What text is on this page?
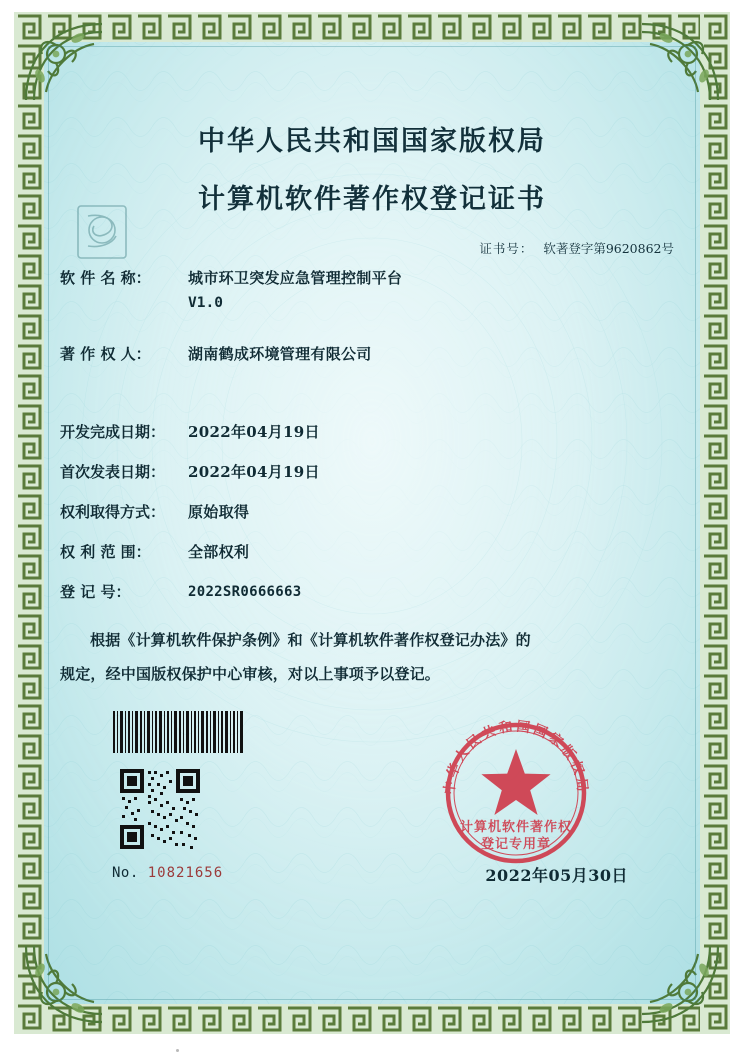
中华人民共和国国家版权局
计算机软件著作权登记证书
证书号： 软著登字第9620862号
软 件 名 称：	城市环卫突发应急管理控制平台
V1.0
著 作 权 人：	湖南鹤成环境管理有限公司
开发完成日期：	2022年04月19日
首次发表日期：	2022年04月19日
权利取得方式：	原始取得
权 利 范 围：	全部权利
登 记 号：	2022SR0666663
根据《计算机软件保护条例》和《计算机软件著作权登记办法》的
规定，经中国版权保护中心审核，对以上事项予以登记。
No. 10821656
中华人民共和国国家版权局
计算机软件著作权
登记专用章
2022年05月30日
